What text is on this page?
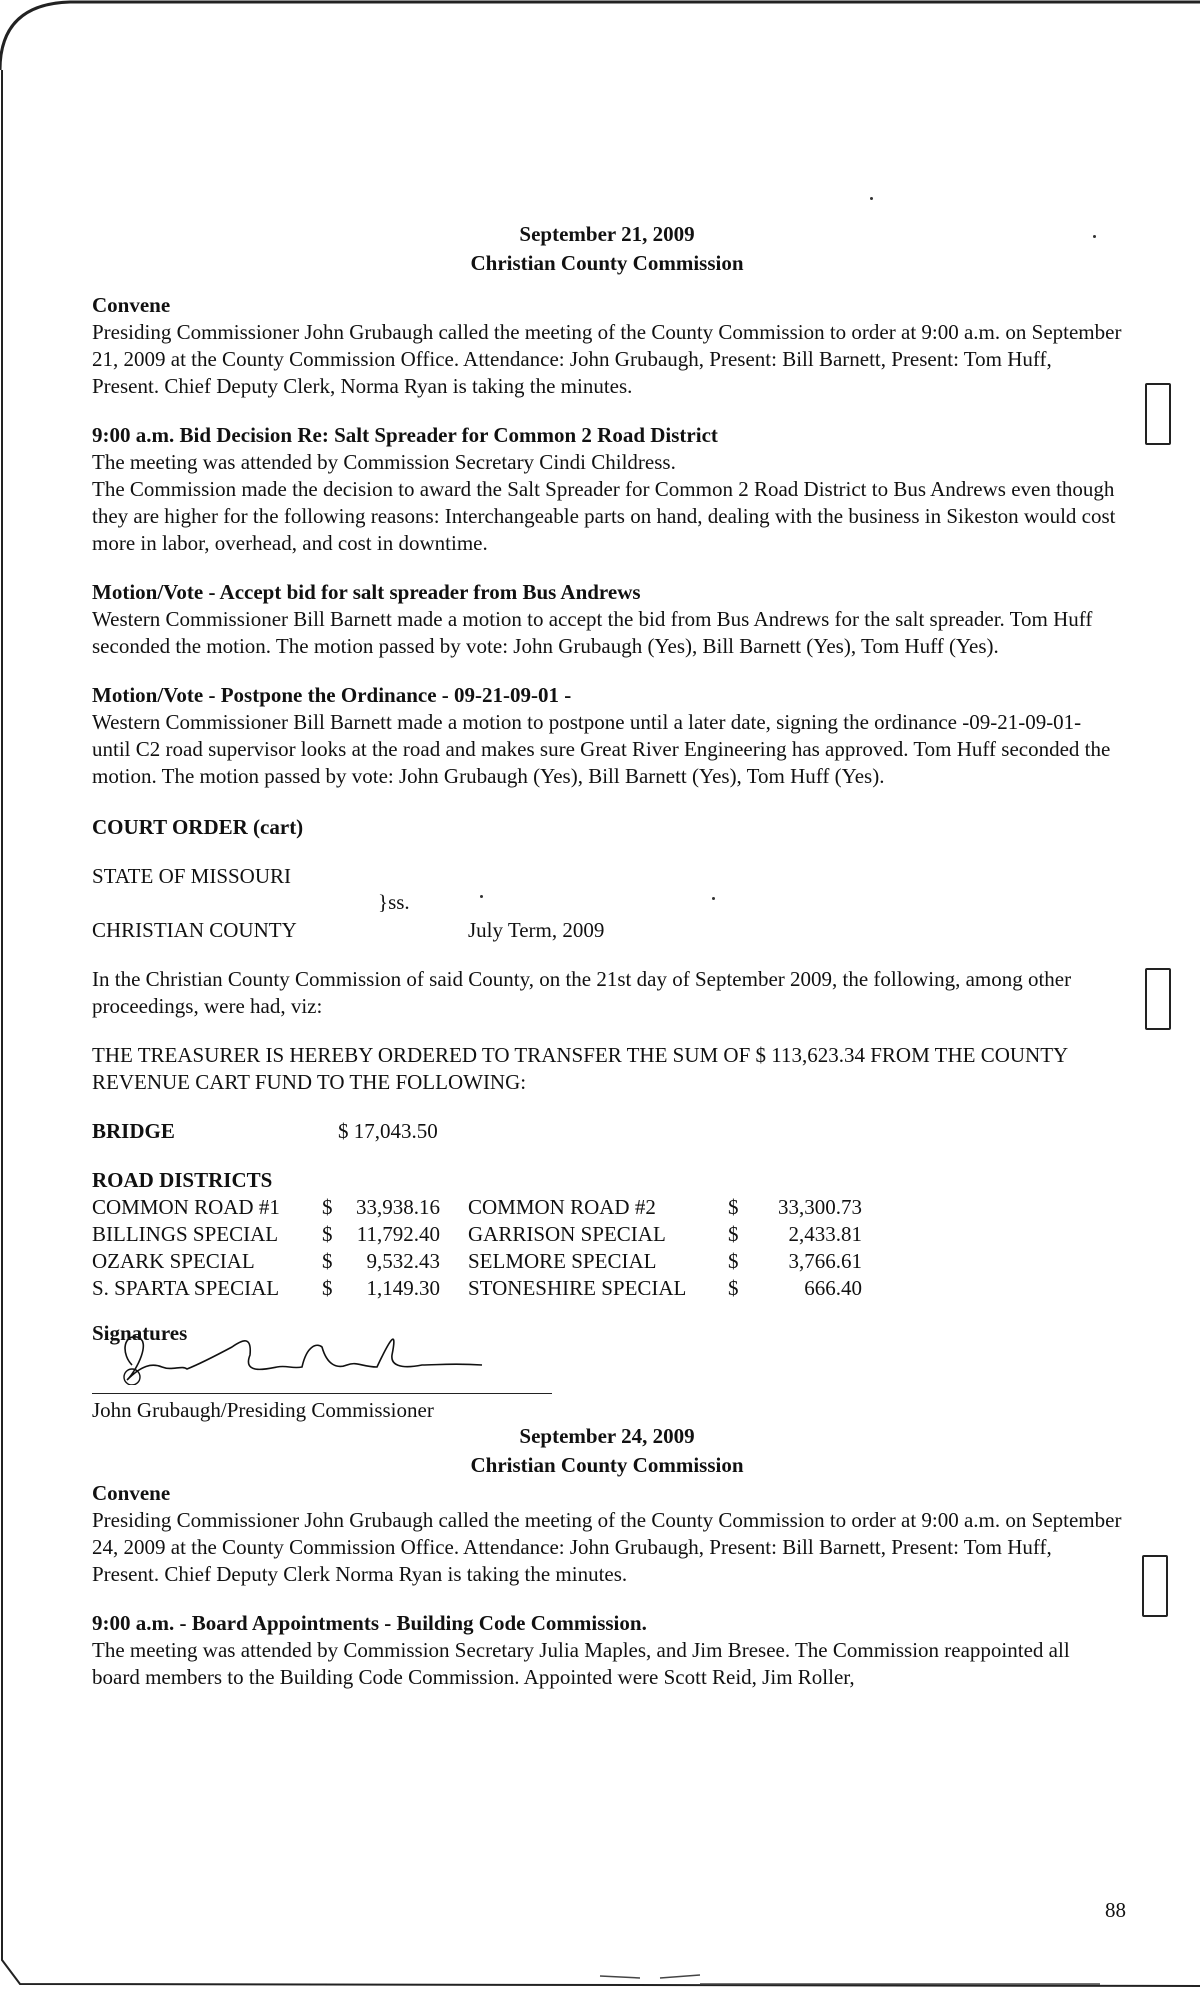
September 21, 2009
Christian County Commission

Convene

Presiding Commissioner John Grubaugh called the meeting of the County Commission to order at 9:00 a.m. on September 21, 2009 at the County Commission Office. Attendance: John Grubaugh, Present: Bill Barnett, Present: Tom Huff, Present. Chief Deputy Clerk, Norma Ryan is taking the minutes.

9:00 a.m. Bid Decision Re: Salt Spreader for Common 2 Road District

The meeting was attended by Commission Secretary Cindi Childress.

The Commission made the decision to award the Salt Spreader for Common 2 Road District to Bus Andrews even though they are higher for the following reasons: Interchangeable parts on hand, dealing with the business in Sikeston would cost more in labor, overhead, and cost in downtime.

Motion/Vote - Accept bid for salt spreader from Bus Andrews

Western Commissioner Bill Barnett made a motion to accept the bid from Bus Andrews for the salt spreader. Tom Huff seconded the motion. The motion passed by vote: John Grubaugh (Yes), Bill Barnett (Yes), Tom Huff (Yes).

Motion/Vote - Postpone the Ordinance - 09-21-09-01 -

Western Commissioner Bill Barnett made a motion to postpone until a later date, signing the ordinance -09-21-09-01- until C2 road supervisor looks at the road and makes sure Great River Engineering has approved. Tom Huff seconded the motion. The motion passed by vote: John Grubaugh (Yes), Bill Barnett (Yes), Tom Huff (Yes).

COURT ORDER (cart)

STATE OF MISSOURI
}ss.
CHRISTIAN COUNTY	July Term, 2009

In the Christian County Commission of said County, on the 21st day of September 2009, the following, among other proceedings, were had, viz:

THE TREASURER IS HEREBY ORDERED TO TRANSFER THE SUM OF $ 113,623.34 FROM THE COUNTY REVENUE CART FUND TO THE FOLLOWING:

BRIDGE	$ 17,043.50

ROAD DISTRICTS

COMMON ROAD #1	$	33,938.16	COMMON ROAD #2	$	33,300.73
BILLINGS SPECIAL	$	11,792.40	GARRISON SPECIAL	$	2,433.81
OZARK SPECIAL	$	9,532.43	SELMORE SPECIAL	$	3,766.61
S. SPARTA SPECIAL	$	1,149.30	STONESHIRE SPECIAL	$	666.40

Signatures

John Grubaugh/Presiding Commissioner

September 24, 2009
Christian County Commission

Convene

Presiding Commissioner John Grubaugh called the meeting of the County Commission to order at 9:00 a.m. on September 24, 2009 at the County Commission Office. Attendance: John Grubaugh, Present: Bill Barnett, Present: Tom Huff, Present. Chief Deputy Clerk Norma Ryan is taking the minutes.

9:00 a.m. - Board Appointments - Building Code Commission.

The meeting was attended by Commission Secretary Julia Maples, and Jim Bresee. The Commission reappointed all board members to the Building Code Commission. Appointed were Scott Reid, Jim Roller,

88
